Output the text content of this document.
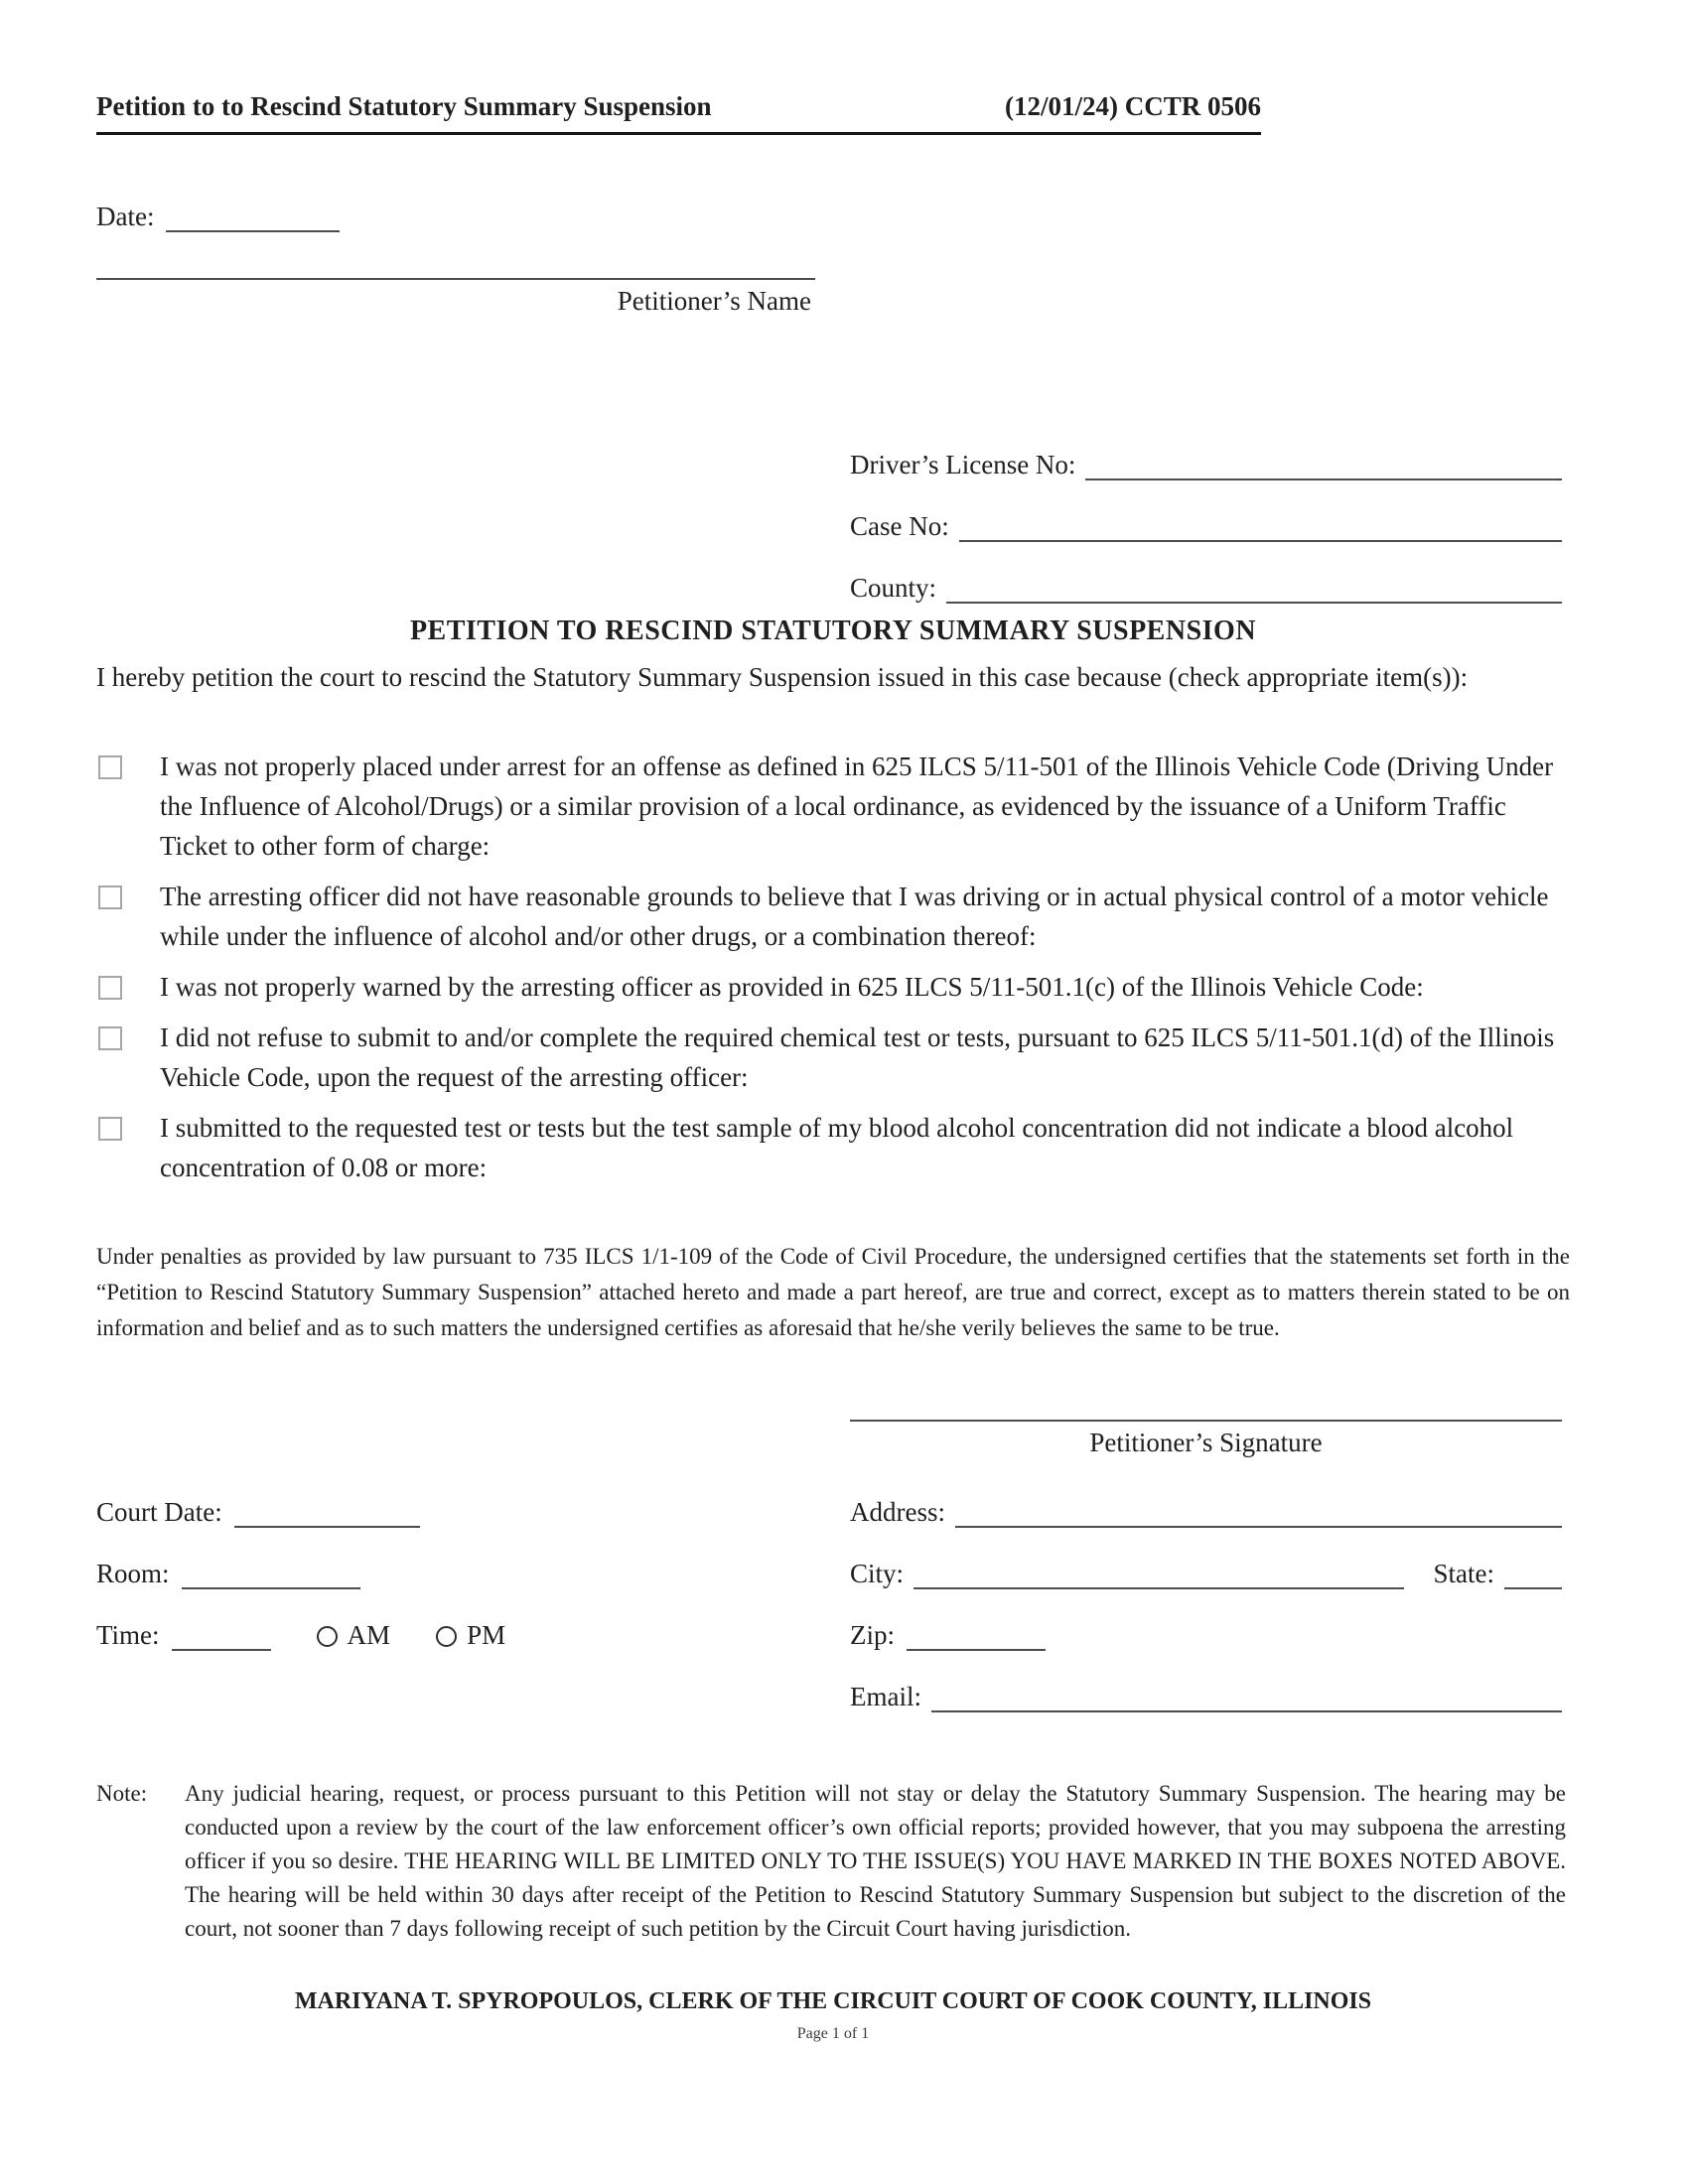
Petition to to Rescind Statutory Summary Suspension	(12/01/24) CCTR 0506
Date:
Petitioner’s Name
Driver’s License No:
Case No:
County:
PETITION TO RESCIND STATUTORY SUMMARY SUSPENSION
I hereby petition the court to rescind the Statutory Summary Suspension issued in this case because (check appropriate item(s)):
I was not properly placed under arrest for an offense as defined in 625 ILCS 5/11-501 of the Illinois Vehicle Code (Driving Under the Influence of Alcohol/Drugs) or a similar provision of a local ordinance, as evidenced by the issuance of a Uniform Traffic Ticket to other form of charge:
The arresting officer did not have reasonable grounds to believe that I was driving or in actual physical control of a motor vehicle while under the influence of alcohol and/or other drugs, or a combination thereof:
I was not properly warned by the arresting officer as provided in 625 ILCS 5/11-501.1(c) of the Illinois Vehicle Code:
I did not refuse to submit to and/or complete the required chemical test or tests, pursuant to 625 ILCS 5/11-501.1(d) of the Illinois Vehicle Code, upon the request of the arresting officer:
I submitted to the requested test or tests but the test sample of my blood alcohol concentration did not indicate a blood alcohol concentration of 0.08 or more:
Under penalties as provided by law pursuant to 735 ILCS 1/1-109 of the Code of Civil Procedure, the undersigned certifies that the statements set forth in the “Petition to Rescind Statutory Summary Suspension” attached hereto and made a part hereof, are true and correct, except as to matters therein stated to be on information and belief and as to such matters the undersigned certifies as aforesaid that he/she verily believes the same to be true.
Petitioner’s Signature
Court Date:
Room:
Time:	AM	PM
Address:
City:	State:
Zip:
Email:
Note: Any judicial hearing, request, or process pursuant to this Petition will not stay or delay the Statutory Summary Suspension. The hearing may be conducted upon a review by the court of the law enforcement officer’s own official reports; provided however, that you may subpoena the arresting officer if you so desire. THE HEARING WILL BE LIMITED ONLY TO THE ISSUE(S) YOU HAVE MARKED IN THE BOXES NOTED ABOVE. The hearing will be held within 30 days after receipt of the Petition to Rescind Statutory Summary Suspension but subject to the discretion of the court, not sooner than 7 days following receipt of such petition by the Circuit Court having jurisdiction.
MARIYANA T. SPYROPOULOS, CLERK OF THE CIRCUIT COURT OF COOK COUNTY, ILLINOIS
Page 1 of 1
